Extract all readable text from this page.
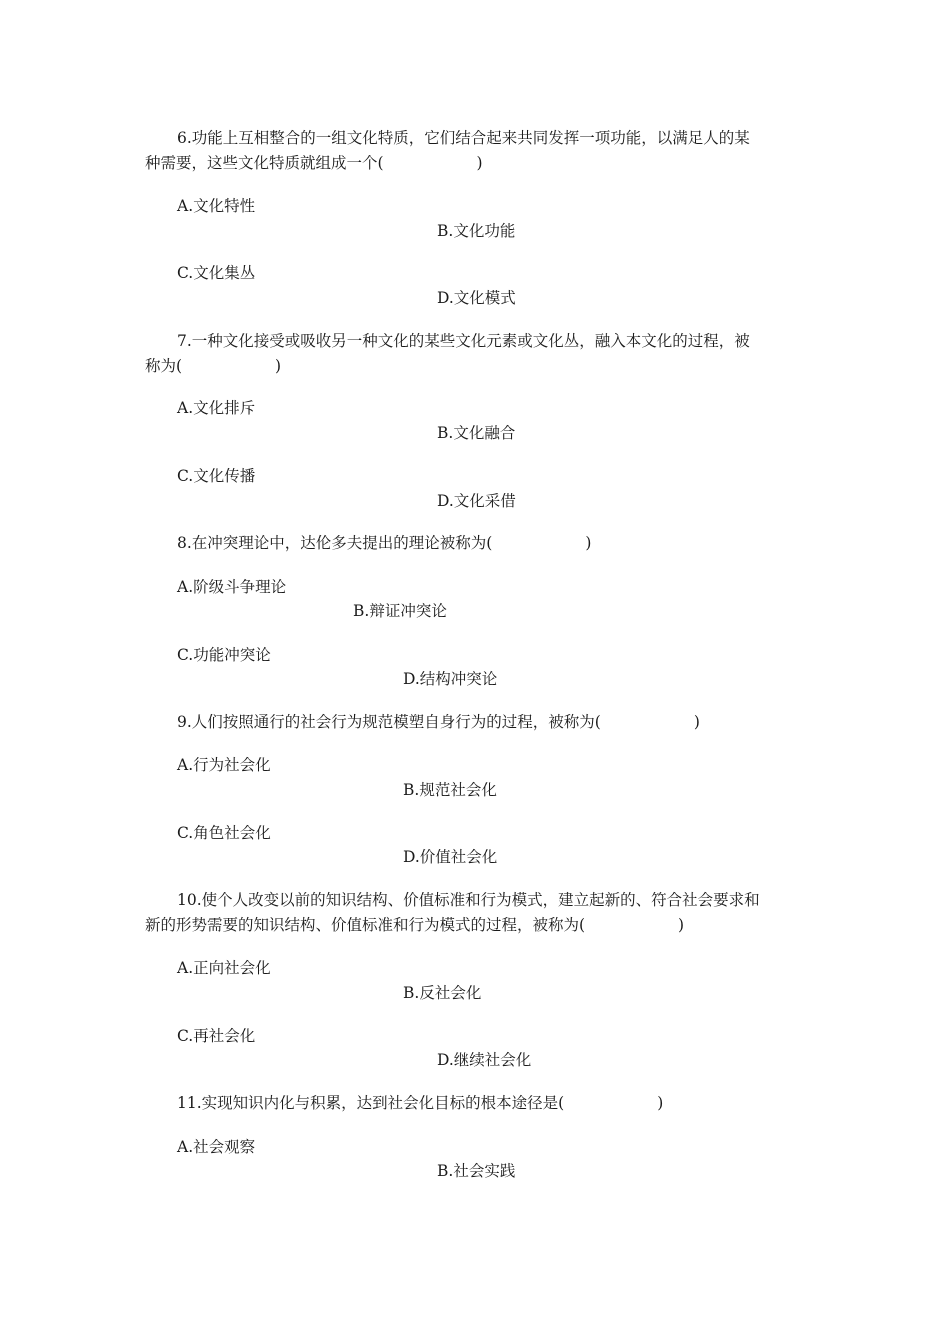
6.功能上互相整合的一组文化特质，它们结合起来共同发挥一项功能，以满足人的某
种需要，这些文化特质就组成一个(　　　　　　)
A.文化特性
B.文化功能
C.文化集丛
D.文化模式
7.一种文化接受或吸收另一种文化的某些文化元素或文化丛，融入本文化的过程，被
称为(　　　　　　)
A.文化排斥
B.文化融合
C.文化传播
D.文化采借
8.在冲突理论中，达伦多夫提出的理论被称为(　　　　　　)
A.阶级斗争理论
B.辩证冲突论
C.功能冲突论
D.结构冲突论
9.人们按照通行的社会行为规范模塑自身行为的过程，被称为(　　　　　　)
A.行为社会化
B.规范社会化
C.角色社会化
D.价值社会化
10.使个人改变以前的知识结构、价值标准和行为模式，建立起新的、符合社会要求和
新的形势需要的知识结构、价值标准和行为模式的过程，被称为(　　　　　　)
A.正向社会化
B.反社会化
C.再社会化
D.继续社会化
11.实现知识内化与积累，达到社会化目标的根本途径是(　　　　　　)
A.社会观察
B.社会实践
